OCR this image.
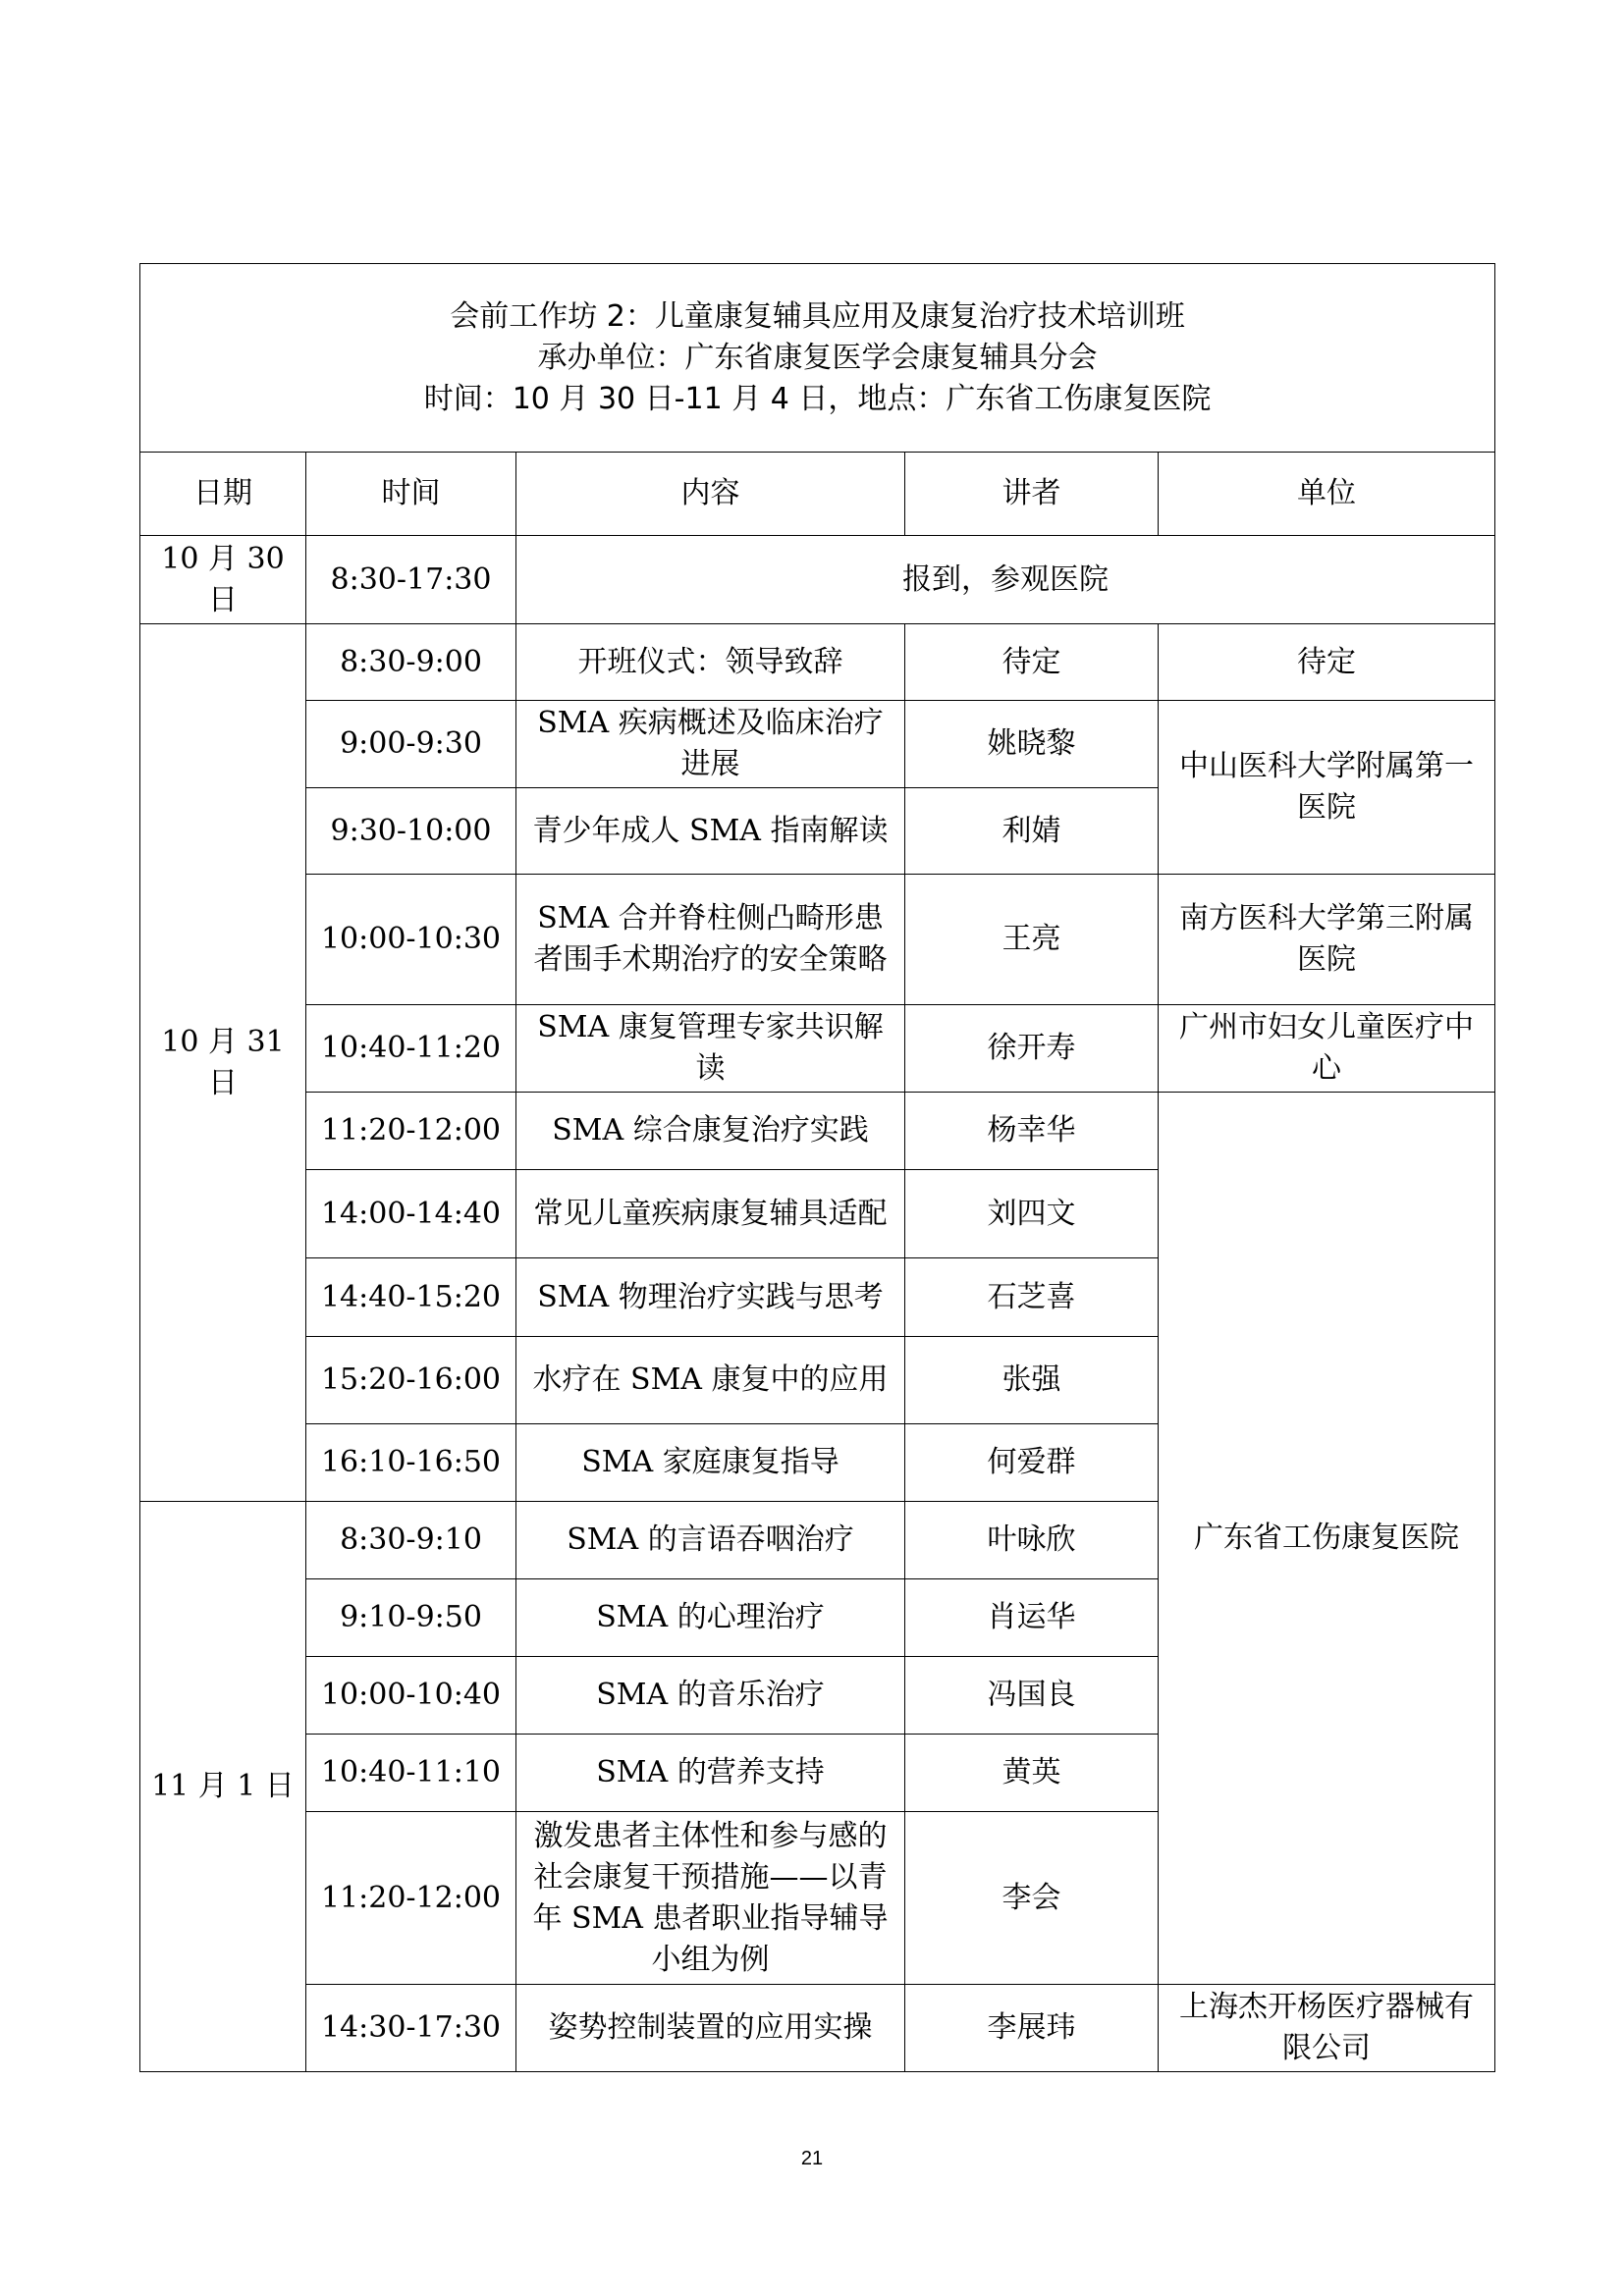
会前工作坊 2：儿童康复辅具应用及康复治疗技术培训班
承办单位：广东省康复医学会康复辅具分会
时间：10 月 30 日-11 月 4 日，地点：广东省工伤康复医院				

日期	时间	内容	讲者	单位
10 月 30 日	8:30-17:30	报到，参观医院		
10 月 31 日	8:30-9:00	开班仪式：领导致辞	待定	待定
	9:00-9:30	SMA 疾病概述及临床治疗进展	姚晓黎	中山医科大学附属第一医院
	9:30-10:00	青少年成人 SMA 指南解读	利婧	
	10:00-10:30	SMA 合并脊柱侧凸畸形患者围手术期治疗的安全策略	王亮	南方医科大学第三附属医院
	10:40-11:20	SMA 康复管理专家共识解读	徐开寿	广州市妇女儿童医疗中心
	11:20-12:00	SMA 综合康复治疗实践	杨幸华	广东省工伤康复医院
	14:00-14:40	常见儿童疾病康复辅具适配	刘四文	
	14:40-15:20	SMA 物理治疗实践与思考	石芝喜	
	15:20-16:00	水疗在 SMA 康复中的应用	张强	
	16:10-16:50	SMA 家庭康复指导	何爱群	
11 月 1 日	8:30-9:10	SMA 的言语吞咽治疗	叶咏欣	
	9:10-9:50	SMA 的心理治疗	肖运华	
	10:00-10:40	SMA 的音乐治疗	冯国良	
	10:40-11:10	SMA 的营养支持	黄英	
	11:20-12:00	激发患者主体性和参与感的社会康复干预措施——以青年 SMA 患者职业指导辅导小组为例	李会	
	14:30-17:30	姿势控制装置的应用实操	李展玮	上海杰开杨医疗器械有限公司
21
